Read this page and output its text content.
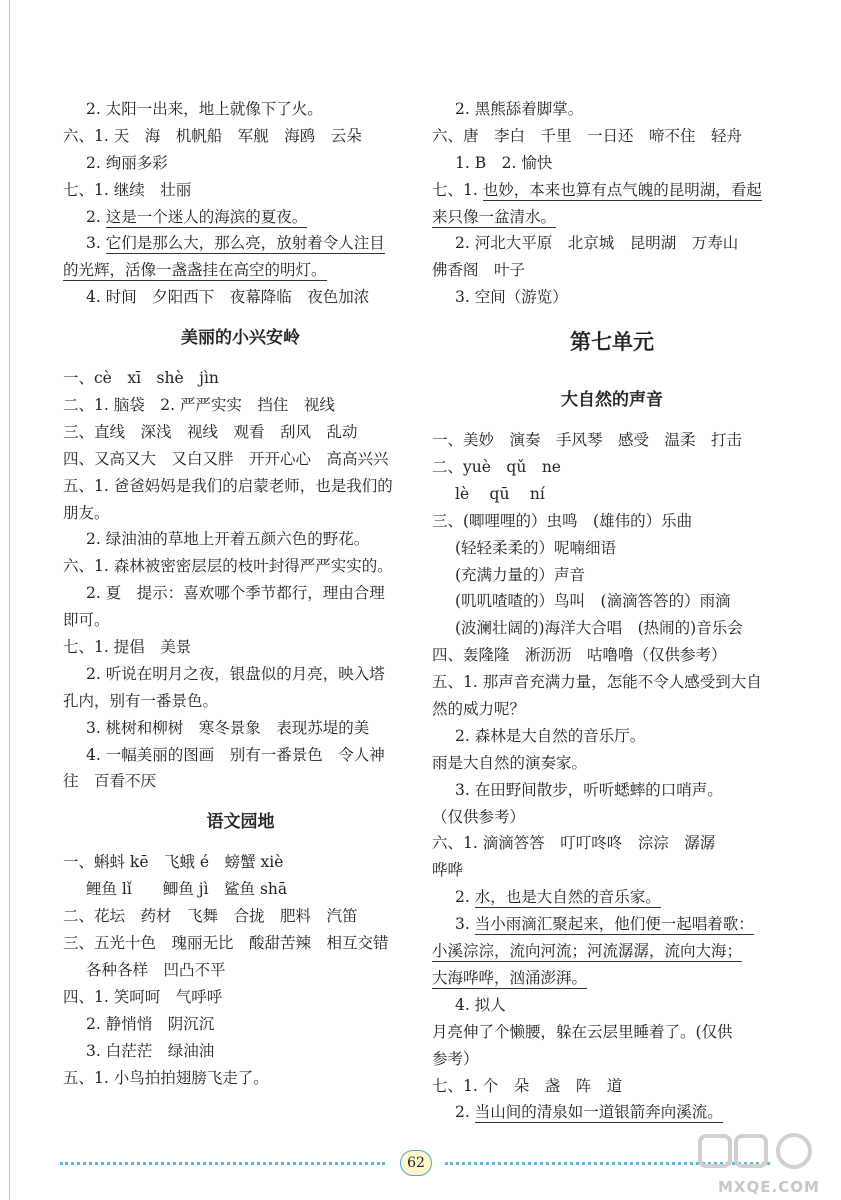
2. 太阳一出来，地上就像下了火。
六、1. 天　海　机帆船　军舰　海鸥　云朵
2. 绚丽多彩
七、1. 继续　壮丽
2. 这是一个迷人的海滨的夏夜。
3. 它们是那么大，那么亮，放射着令人注目
的光辉，活像一盏盏挂在高空的明灯。
4. 时间　夕阳西下　夜幕降临　夜色加浓
美丽的小兴安岭
一、cè　xī　shè　jìn
二、1. 脑袋　2. 严严实实　挡住　视线
三、直线　深浅　视线　观看　刮风　乱动
四、又高又大　又白又胖　开开心心　高高兴兴
五、1. 爸爸妈妈是我们的启蒙老师，也是我们的
朋友。
2. 绿油油的草地上开着五颜六色的野花。
六、1. 森林被密密层层的枝叶封得严严实实的。
2. 夏　提示：喜欢哪个季节都行，理由合理
即可。
七、1. 提倡　美景
2. 听说在明月之夜，银盘似的月亮，映入塔
孔内，别有一番景色。
3. 桃树和柳树　寒冬景象　表现苏堤的美
4. 一幅美丽的图画　别有一番景色　令人神
往　百看不厌
语文园地
一、蝌蚪 kē　飞蛾 é　螃蟹 xiè
鲤鱼 lǐ　　鲫鱼 jì　鲨鱼 shā
二、花坛　药材　飞舞　合拢　肥料　汽笛
三、五光十色　瑰丽无比　酸甜苦辣　相互交错
各种各样　凹凸不平
四、1. 笑呵呵　气呼呼
2. 静悄悄　阴沉沉
3. 白茫茫　绿油油
五、1. 小鸟拍拍翅膀飞走了。
2. 黑熊舔着脚掌。
六、唐　李白　千里　一日还　啼不住　轻舟
1. B　2. 愉快
七、1. 也妙，本来也算有点气魄的昆明湖，看起
来只像一盆清水。
2. 河北大平原　北京城　昆明湖　万寿山
佛香阁　叶子
3. 空间（游览）
第七单元
大自然的声音
一、美妙　演奏　手风琴　感受　温柔　打击
二、yuè　qǔ　ne
lè　 qū　 ní
三、(唧哩哩的）虫鸣　(雄伟的）乐曲
(轻轻柔柔的）呢喃细语
(充满力量的）声音
(叽叽喳喳的）鸟叫　(滴滴答答的）雨滴
(波澜壮阔的)海洋大合唱　(热闹的)音乐会
四、轰隆隆　淅沥沥　咕噜噜（仅供参考）
五、1. 那声音充满力量，怎能不令人感受到大自
然的威力呢？
2. 森林是大自然的音乐厅。
雨是大自然的演奏家。
3. 在田野间散步，听听蟋蟀的口哨声。
（仅供参考）
六、1. 滴滴答答　叮叮咚咚　淙淙　潺潺
哗哗
2. 水，也是大自然的音乐家。
3. 当小雨滴汇聚起来，他们便一起唱着歌：
小溪淙淙，流向河流；河流潺潺，流向大海；
大海哗哗，汹涌澎湃。
4. 拟人
月亮伸了个懒腰，躲在云层里睡着了。(仅供
参考）
七、1. 个　朵　盏　阵　道
2. 当山间的清泉如一道银箭奔向溪流。
62
MXQE.COM
